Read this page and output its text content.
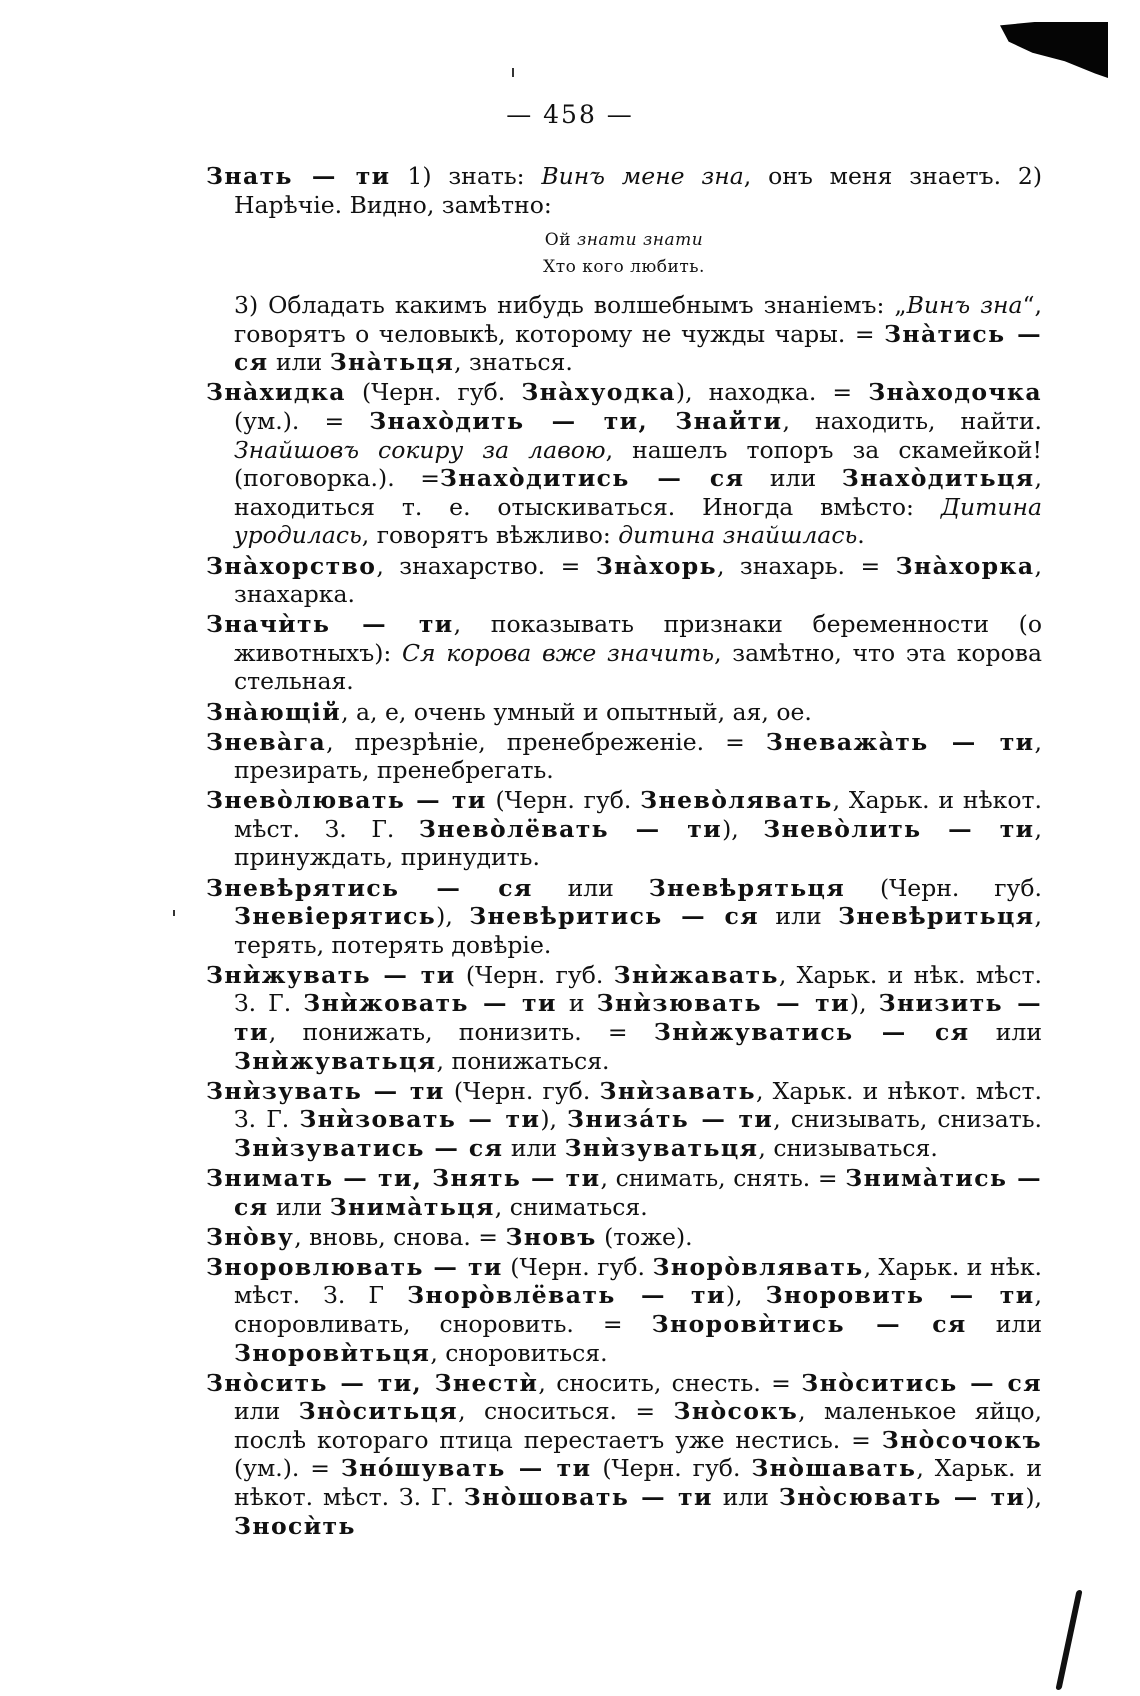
— 458 —

Знать — ти 1) знать: Винъ мене зна, онъ меня знаетъ. 2) Нарѣчіе. Видно, замѣтно:

Ой знати знати
Хто кого любить.

3) Обладать какимъ нибудь волшебнымъ знаніемъ: „Винъ зна“, говорятъ о человыкѣ, которому не чужды чары. = Знàтись — ся или Знàтьця, знаться.

Знàхидка (Черн. губ. Знàхуодка), находка. = Знàходочка (ум.). = Знахòдить — ти, Знайти, находить, найти. Знайшовъ сокиру за лавою, нашелъ топоръ за скамейкой! (поговорка.). =Знахòдитись — ся или Знахòдитьця, находиться т. е. отыскиваться. Иногда вмѣсто: Дитина уродилась, говорятъ вѣжливо: дитина знайшлась.

Знàхорство, знахарство. = Знàхорь, знахарь. = Знàхорка, знахарка.

Значѝть — ти, показывать признаки беременности (о животныхъ): Ся корова вже значить, замѣтно, что эта корова стельная.

Знàющій, а, е, очень умный и опытный, ая, ое.

Зневàга, презрѣніе, пренебреженіе. = Зневажàть — ти, презирать, пренебрегать.

Зневòлювать — ти (Черн. губ. Зневòлявать, Харьк. и нѣкот. мѣст. З. Г. Зневòлёвать — ти), Зневòлить — ти, принуждать, принудить.

Зневѣрятись — ся или Зневѣрятьця (Черн. губ. Зневіерятись), Зневѣритись — ся или Зневѣритьця, терять, потерять довѣріе.

Знѝжувать — ти (Черн. губ. Знѝжавать, Харьк. и нѣк. мѣст. З. Г. Знѝжовать — ти и Знѝзювать — ти), Знизить — ти, понижать, понизить. = Знѝжуватись — ся или Знѝжуватьця, понижаться.

Знѝзувать — ти (Черн. губ. Знѝзавать, Харьк. и нѣкот. мѣст. З. Г. Знѝзовать — ти), Знизáть — ти, снизывать, снизать. Знѝзуватись — ся или Знѝзуватьця, снизываться.

Знимать — ти, Знять — ти, снимать, снять. = Знимàтись — ся или Знимàтьця, сниматься.

Знòву, вновь, снова. = Зновъ (тоже).

Зноровлювать — ти (Черн. губ. Знорòвлявать, Харьк. и нѣк. мѣст. З. Г Знорòвлёвать — ти), Зноровить — ти, сноровливать, сноровить. = Зноровѝтись — ся или Зноровѝтьця, сноровиться.

Знòсить — ти, Знестѝ, сносить, снесть. = Знòситись — ся или Знòситьця, сноситься. = Знòсокъ, маленькое яйцо, послѣ котораго птица перестаетъ уже нестись. = Знòсочокъ (ум.). = Знóшувать — ти (Черн. губ. Знòшавать, Харьк. и нѣкот. мѣст. З. Г. Знòшовать — ти или Знòсювать — ти), Зносѝть
